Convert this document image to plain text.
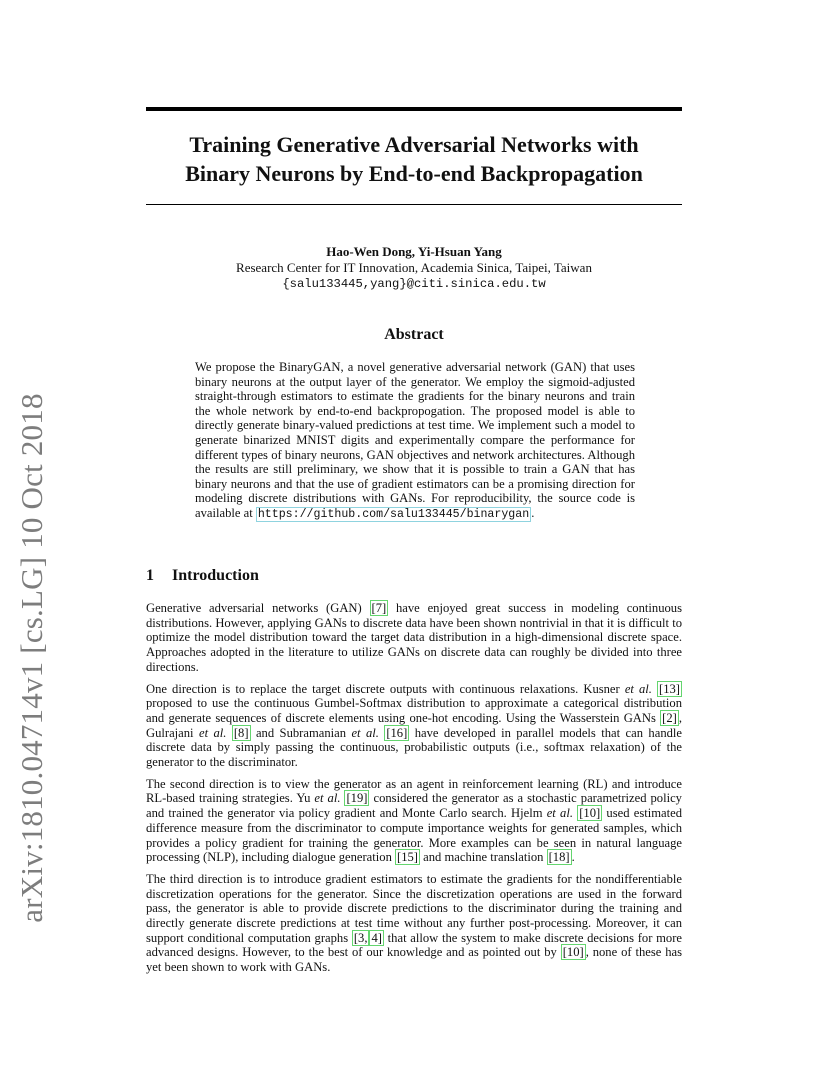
arXiv:1810.04714v1 [cs.LG] 10 Oct 2018
Training Generative Adversarial Networks with
Binary Neurons by End-to-end Backpropagation
Hao-Wen Dong, Yi-Hsuan Yang
Research Center for IT Innovation, Academia Sinica, Taipei, Taiwan
{salu133445,yang}@citi.sinica.edu.tw
Abstract

We propose the BinaryGAN, a novel generative adversarial network (GAN) that uses binary neurons at the output layer of the generator. We employ the sigmoid-adjusted straight-through estimators to estimate the gradients for the binary neurons and train the whole network by end-to-end backpropogation. The proposed model is able to directly generate binary-valued predictions at test time. We implement such a model to generate binarized MNIST digits and experimentally compare the performance for different types of binary neurons, GAN objectives and network architectures. Although the results are still preliminary, we show that it is possible to train a GAN that has binary neurons and that the use of gradient estimators can be a promising direction for modeling discrete distributions with GANs. For reproducibility, the source code is available at https://github.com/salu133445/binarygan .

1 Introduction

Generative adversarial networks (GAN) [7] have enjoyed great success in modeling continuous distributions. However, applying GANs to discrete data have been shown nontrivial in that it is difficult to optimize the model distribution toward the target data distribution in a high-dimensional discrete space. Approaches adopted in the literature to utilize GANs on discrete data can roughly be divided into three directions.

One direction is to replace the target discrete outputs with continuous relaxations. Kusner et al. [13] proposed to use the continuous Gumbel-Softmax distribution to approximate a categorical distribution and generate sequences of discrete elements using one-hot encoding. Using the Wasserstein GANs [2] , Gulrajani et al. [8] and Subramanian et al. [16] have developed in parallel models that can handle discrete data by simply passing the continuous, probabilistic outputs (i.e., softmax relaxation) of the generator to the discriminator.

The second direction is to view the generator as an agent in reinforcement learning (RL) and introduce RL-based training strategies. Yu et al. [19] considered the generator as a stochastic parametrized policy and trained the generator via policy gradient and Monte Carlo search. Hjelm et al. [10] used estimated difference measure from the discriminator to compute importance weights for generated samples, which provides a policy gradient for training the generator. More examples can be seen in natural language processing (NLP), including dialogue generation [15] and machine translation [18] .

The third direction is to introduce gradient estimators to estimate the gradients for the nondifferentiable discretization operations for the generator. Since the discretization operations are used in the forward pass, the generator is able to provide discrete predictions to the discriminator during the training and directly generate discrete predictions at test time without any further post-processing. Moreover, it can support conditional computation graphs [3, 4] that allow the system to make discrete decisions for more advanced designs. However, to the best of our knowledge and as pointed out by [10] , none of these has yet been shown to work with GANs.
